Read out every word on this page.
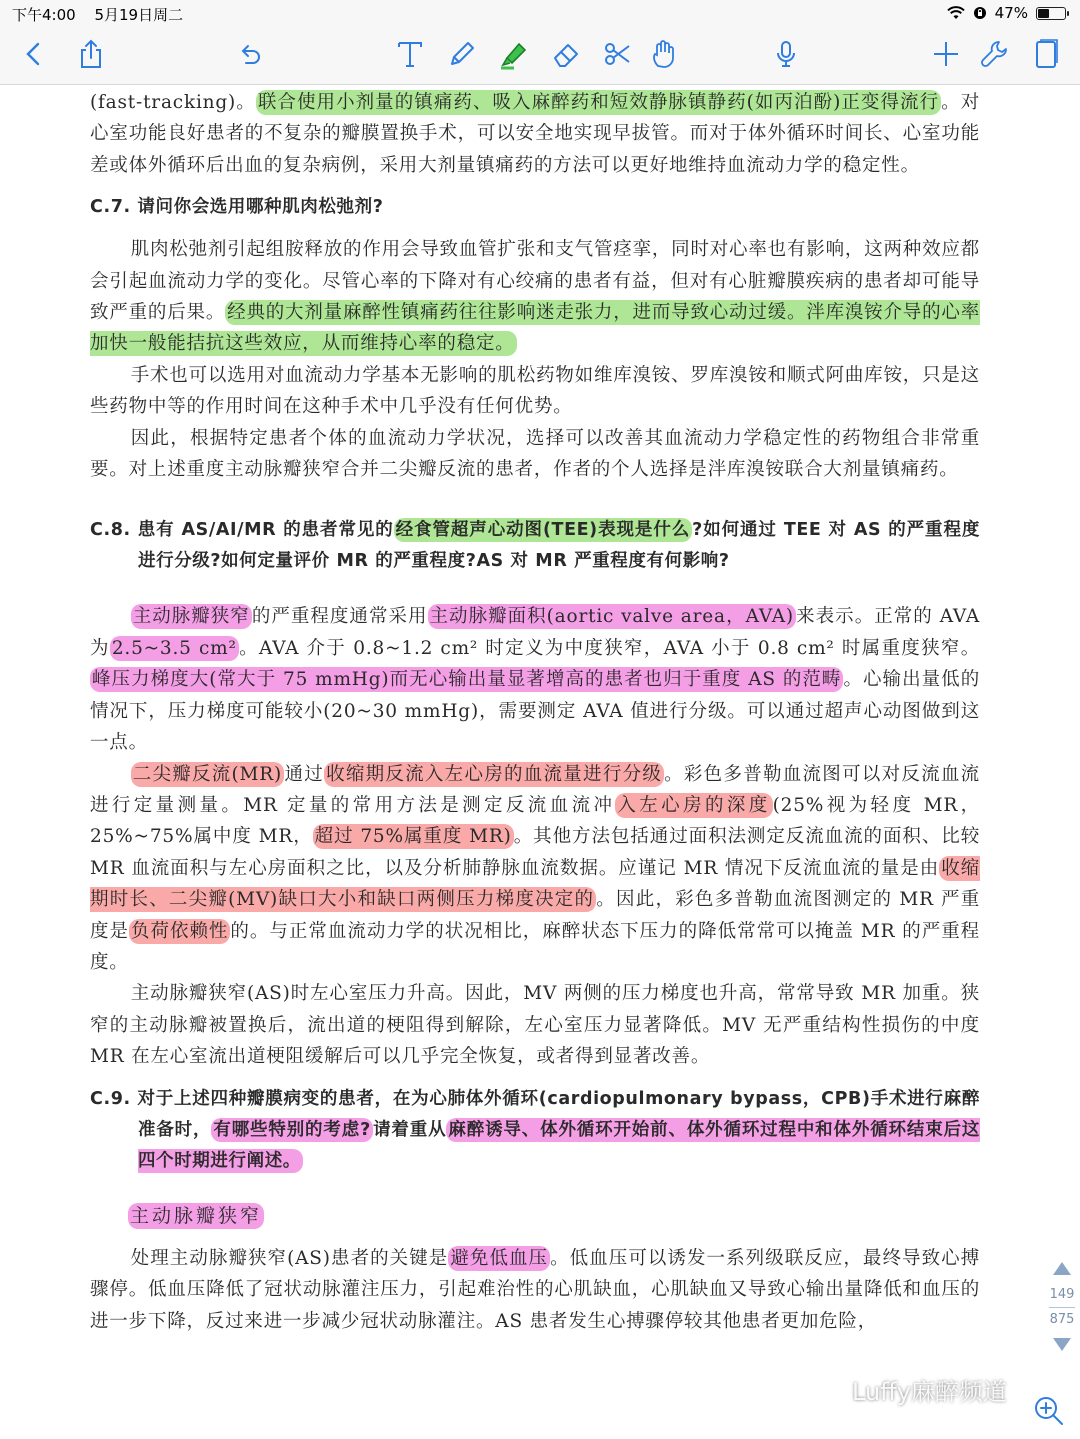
下午4:00 5月19日周二	47%

(fast-tracking)。 联合使用小剂量的镇痛药、吸入麻醉药和短效静脉镇静药(如丙泊酚)正变得流行 。对心室功能良好患者的不复杂的瓣膜置换手术，可以安全地实现早拔管。而对于体外循环时间长、心室功能差或体外循环后出血的复杂病例，采用大剂量镇痛药的方法可以更好地维持血流动力学的稳定性。

C.7. 请问你会选用哪种肌肉松弛剂?

肌肉松弛剂引起组胺释放的作用会导致血管扩张和支气管痉挛，同时对心率也有影响，这两种效应都会引起血流动力学的变化。尽管心率的下降对有心绞痛的患者有益，但对有心脏瓣膜疾病的患者却可能导致严重的后果。 经典的大剂量麻醉性镇痛药往往影响迷走张力，进而导致心动过缓。泮库溴铵介导的心率加快一般能拮抗这些效应，从而维持心率的稳定。

手术也可以选用对血流动力学基本无影响的肌松药物如维库溴铵、罗库溴铵和顺式阿曲库铵，只是这些药物中等的作用时间在这种手术中几乎没有任何优势。

因此，根据特定患者个体的血流动力学状况，选择可以改善其血流动力学稳定性的药物组合非常重要。对上述重度主动脉瓣狭窄合并二尖瓣反流的患者，作者的个人选择是泮库溴铵联合大剂量镇痛药。

C.8. 患有 AS/AI/MR 的患者常见的 经食管超声心动图(TEE)表现是什么 ?如何通过 TEE 对 AS 的严重程度进行分级?如何定量评价 MR 的严重程度?AS 对 MR 严重程度有何影响?

主动脉瓣狭窄 的严重程度通常采用 主动脉瓣面积(aortic valve area，AVA) 来表示。正常的 AVA 为 2.5~3.5 cm² 。AVA 介于 0.8~1.2 cm² 时定义为中度狭窄，AVA 小于 0.8 cm² 时属重度狭窄。峰压力梯度大(常大于 75 mmHg)而无心输出量显著增高的患者也归于重度 AS 的范畴 。心输出量低的情况下，压力梯度可能较小(20~30 mmHg)，需要测定 AVA 值进行分级。可以通过超声心动图做到这一点。

二尖瓣反流(MR) 通过 收缩期反流入左心房的血流量进行分级 。彩色多普勒血流图可以对反流血流进行定量测量。MR 定量的常用方法是测定反流血流冲 入左心房的深度 (25%视为轻度 MR，25%~75%属中度 MR， 超过 75%属重度 MR) 。其他方法包括通过面积法测定反流血流的面积、比较 MR 血流面积与左心房面积之比，以及分析肺静脉血流数据。应谨记 MR 情况下反流血流的量是由 收缩期时长、二尖瓣(MV)缺口大小和缺口两侧压力梯度决定的 。因此，彩色多普勒血流图测定的 MR 严重度是 负荷依赖性 的。与正常血流动力学的状况相比，麻醉状态下压力的降低常常可以掩盖 MR 的严重程度。

主动脉瓣狭窄(AS)时左心室压力升高。因此，MV 两侧的压力梯度也升高，常常导致 MR 加重。狭窄的主动脉瓣被置换后，流出道的梗阻得到解除，左心室压力显著降低。MV 无严重结构性损伤的中度 MR 在左心室流出道梗阻缓解后可以几乎完全恢复，或者得到显著改善。

C.9. 对于上述四种瓣膜病变的患者，在为心肺体外循环(cardiopulmonary bypass，CPB)手术进行麻醉准备时， 有哪些特别的考虑? 请着重从 麻醉诱导、体外循环开始前、体外循环过程中和体外循环结束后这四个时期进行阐述。

主动脉瓣狭窄

处理主动脉瓣狭窄(AS)患者的关键是 避免低血压 。低血压可以诱发一系列级联反应，最终导致心搏骤停。低血压降低了冠状动脉灌注压力，引起难治性的心肌缺血，心肌缺血又导致心输出量降低和血压的进一步下降，反过来进一步减少冠状动脉灌注。AS 患者发生心搏骤停较其他患者更加危险，

149
875
Luffy麻醉频道
